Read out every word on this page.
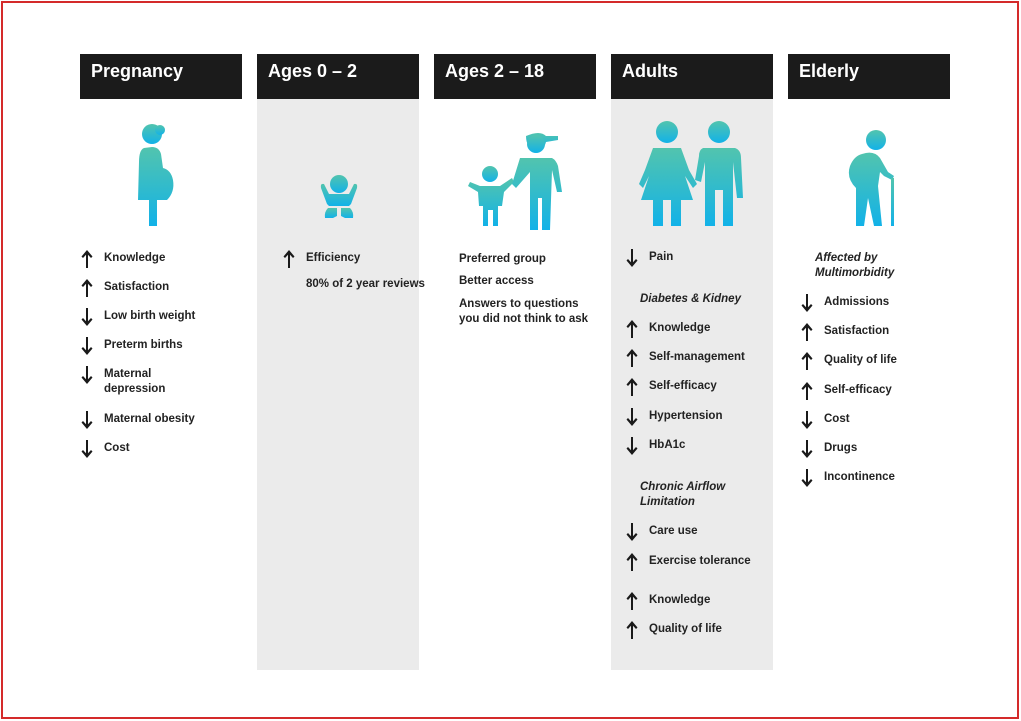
Pregnancy
Knowledge
Satisfaction
Low birth weight
Preterm births
Maternal
depression
Maternal obesity
Cost
Ages 0 – 2
Efficiency
80% of 2 year reviews
Ages 2 – 18
Preferred group
Better access
Answers to questions you did not think to ask
Adults
Pain
Diabetes & Kidney
Knowledge
Self-management
Self-efficacy
Hypertension
HbA1c
Chronic Airflow Limitation
Care use
Exercise tolerance
Knowledge
Quality of life
Elderly
Affected by Multimorbidity
Admissions
Satisfaction
Quality of life
Self-efficacy
Cost
Drugs
Incontinence
